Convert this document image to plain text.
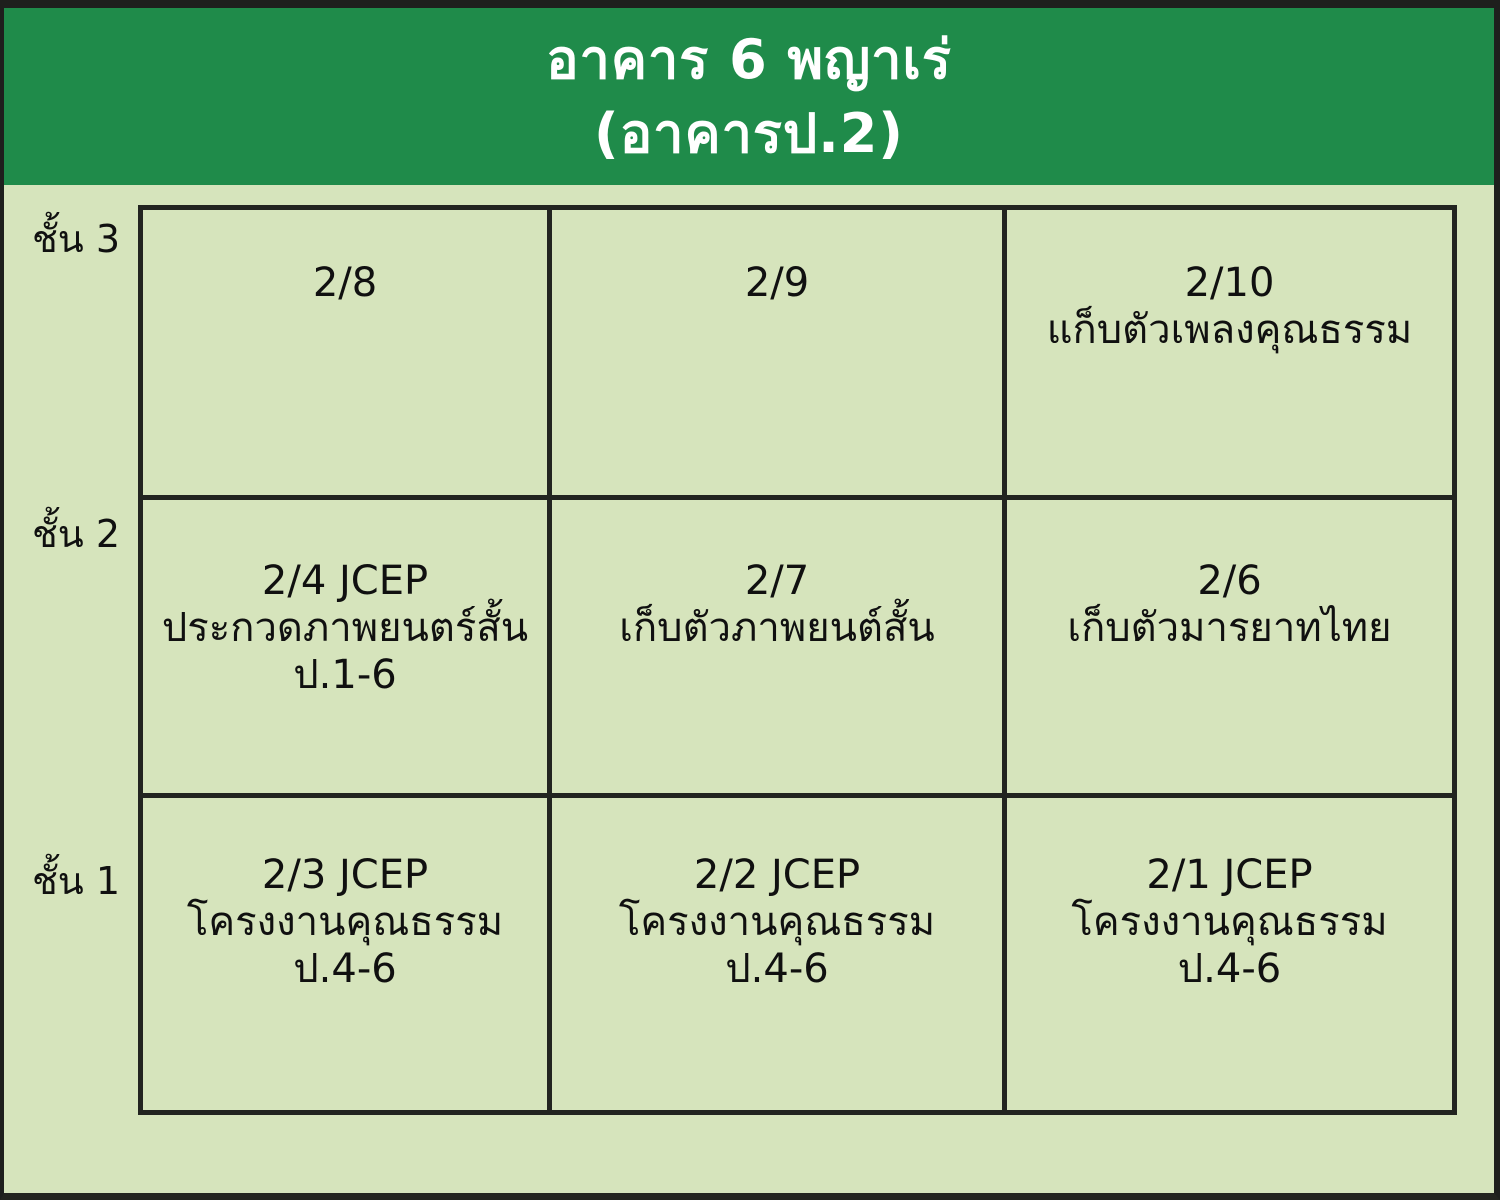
อาคาร 6 พญาเร่
(อาคารป.2)
ชั้น 3
ชั้น 2
ชั้น 1
2/8	2/9	2/10
แก็บตัวเพลงคุณธรรม
2/4 JCEP
ประกวดภาพยนตร์สั้น
ป.1-6
2/7
เก็บตัวภาพยนต์สั้น
2/6
เก็บตัวมารยาทไทย
2/3 JCEP
โครงงานคุณธรรม
ป.4-6
2/2 JCEP
โครงงานคุณธรรม
ป.4-6
2/1 JCEP
โครงงานคุณธรรม
ป.4-6
